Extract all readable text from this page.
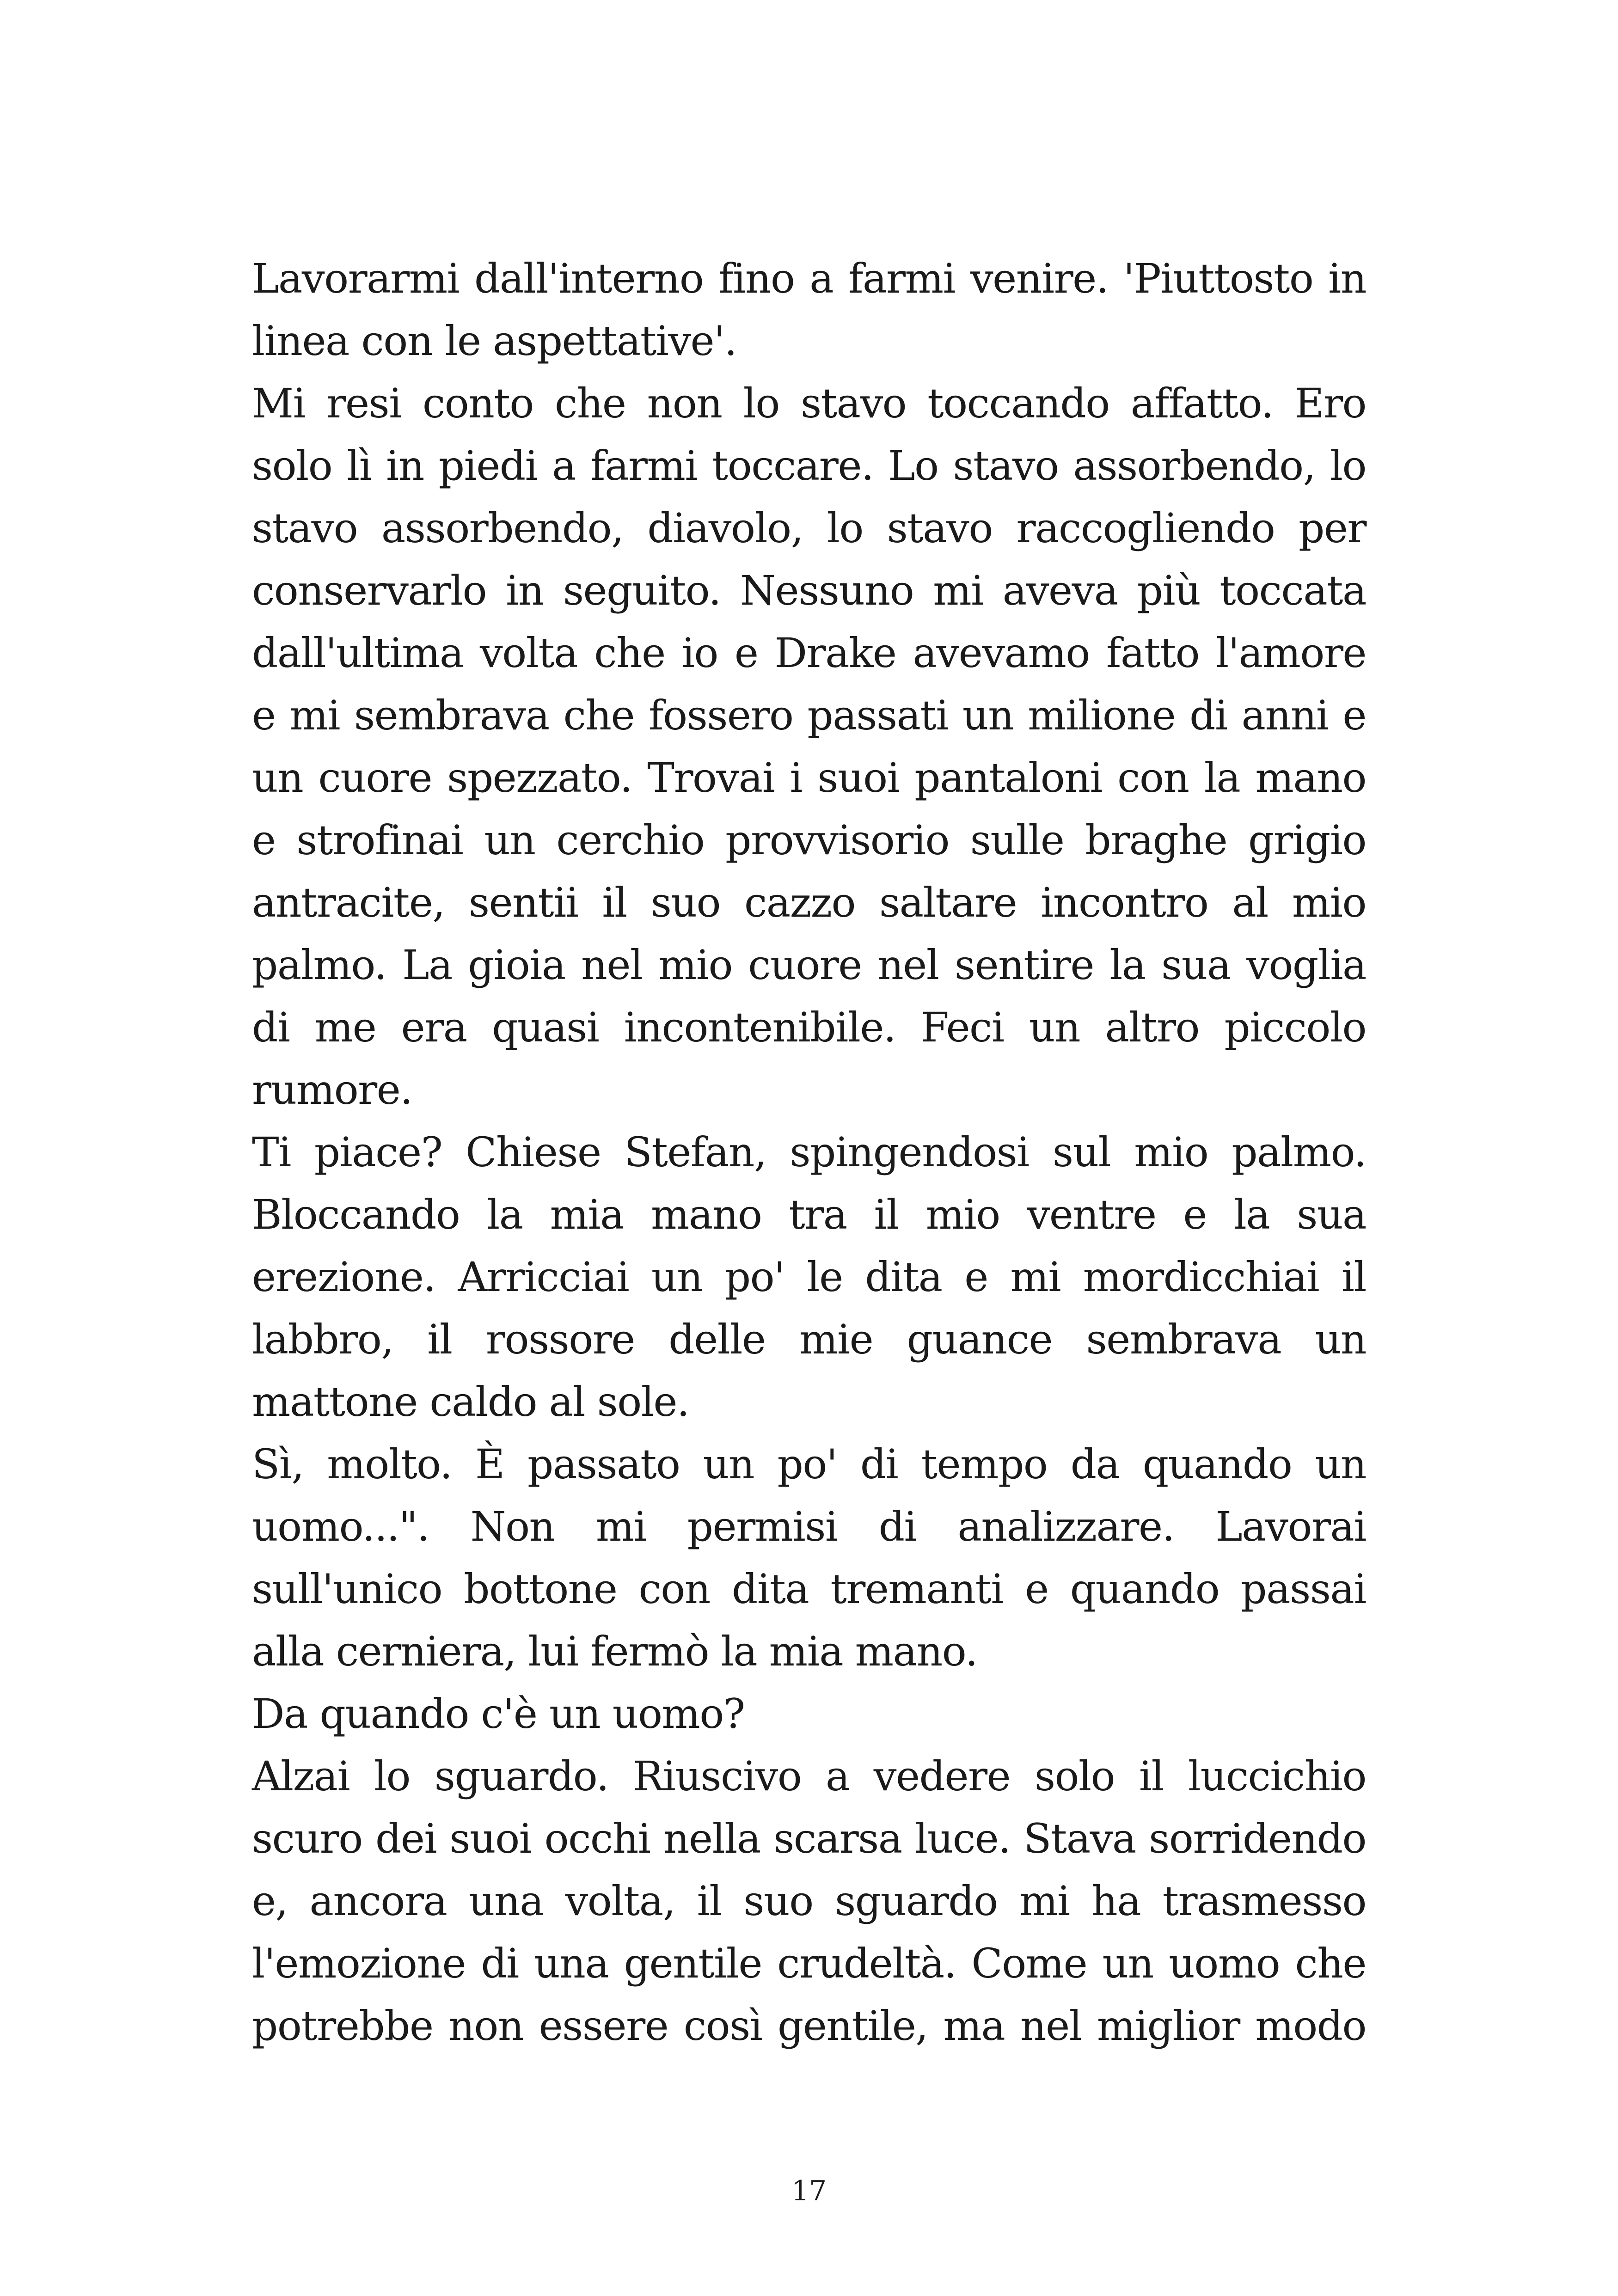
Lavorarmi dall'interno fino a farmi venire. 'Piuttosto in linea con le aspettative'.

Mi resi conto che non lo stavo toccando affatto. Ero solo lì in piedi a farmi toccare. Lo stavo assorbendo, lo stavo assorbendo, diavolo, lo stavo raccogliendo per conservarlo in seguito. Nessuno mi aveva più toccata dall'ultima volta che io e Drake avevamo fatto l'amore e mi sembrava che fossero passati un milione di anni e un cuore spezzato. Trovai i suoi pantaloni con la mano e strofinai un cerchio provvisorio sulle braghe grigio antracite, sentii il suo cazzo saltare incontro al mio palmo. La gioia nel mio cuore nel sentire la sua voglia di me era quasi incontenibile. Feci un altro piccolo rumore.

Ti piace? Chiese Stefan, spingendosi sul mio palmo. Bloccando la mia mano tra il mio ventre e la sua erezione. Arricciai un po' le dita e mi mordicchiai il labbro, il rossore delle mie guance sembrava un mattone caldo al sole.

Sì, molto. È passato un po' di tempo da quando un uomo...". Non mi permisi di analizzare. Lavorai sull'unico bottone con dita tremanti e quando passai alla cerniera, lui fermò la mia mano.

Da quando c'è un uomo?

Alzai lo sguardo. Riuscivo a vedere solo il luccichio scuro dei suoi occhi nella scarsa luce. Stava sorridendo e, ancora una volta, il suo sguardo mi ha trasmesso l'emozione di una gentile crudeltà. Come un uomo che potrebbe non essere così gentile, ma nel miglior modo

17
